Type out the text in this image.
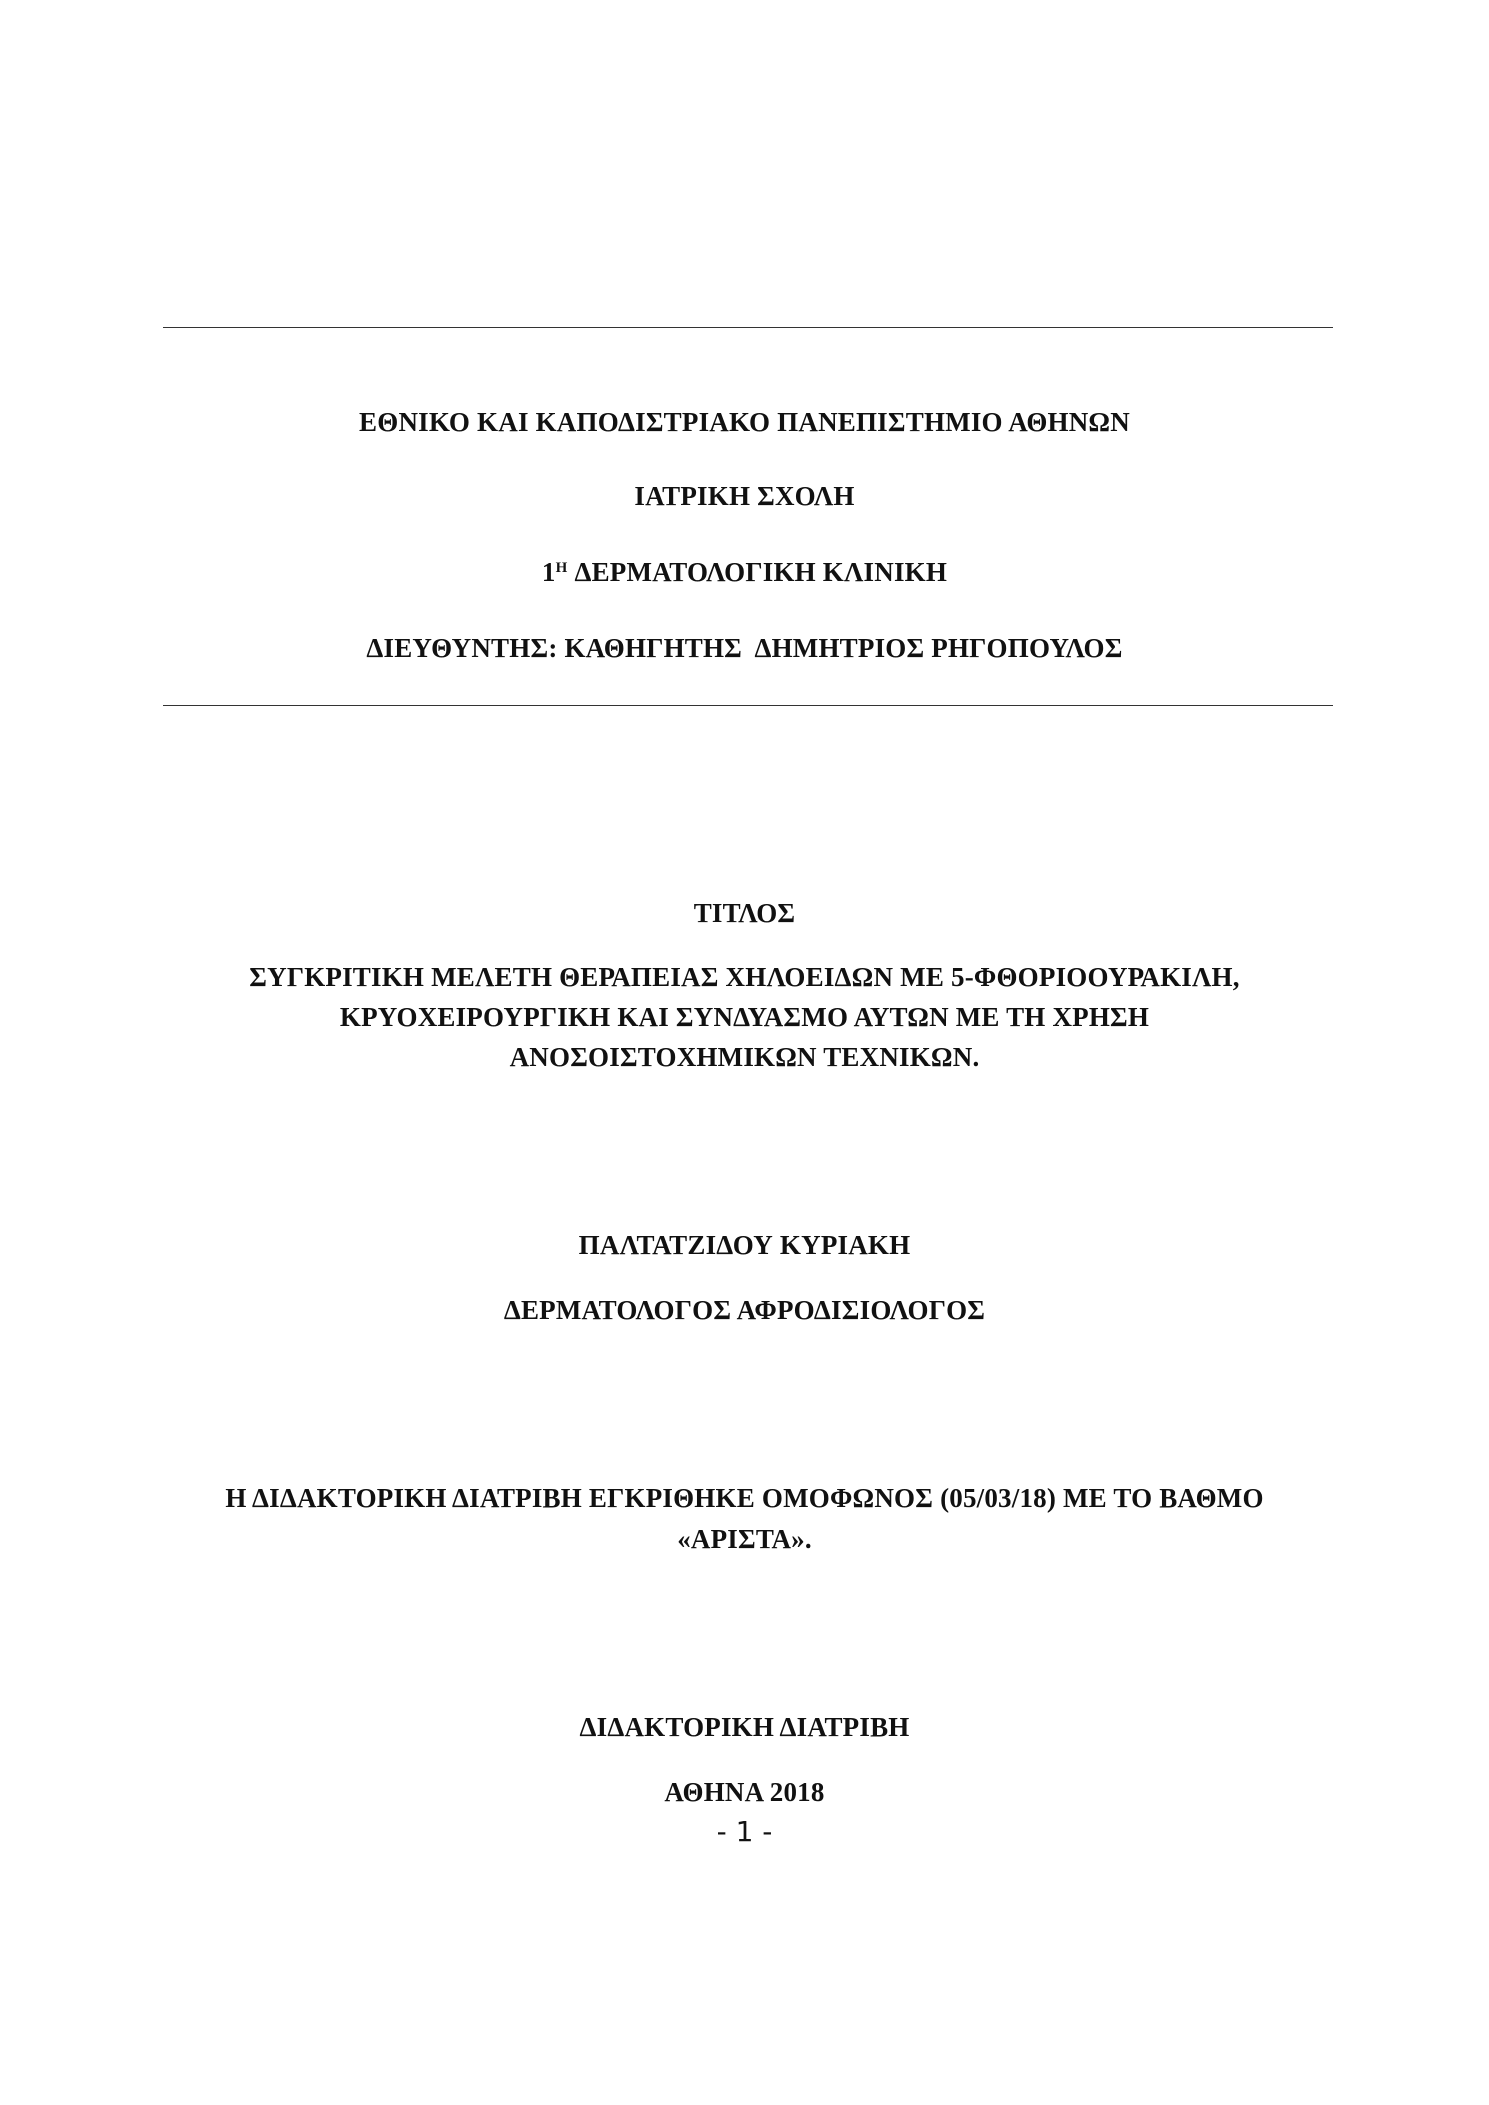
ΕΘΝΙΚΟ ΚΑΙ ΚΑΠΟΔΙΣΤΡΙΑΚΟ ΠΑΝΕΠΙΣΤΗΜΙΟ ΑΘΗΝΩΝ
ΙΑΤΡΙΚΗ ΣΧΟΛΗ
$1^H$ ΔΕΡΜΑΤΟΛΟΓΙΚΗ ΚΛΙΝΙΚΗ
ΔΙΕΥΘΥΝΤΗΣ: ΚΑΘΗΓΗΤΗΣ  ΔΗΜΗΤΡΙΟΣ ΡΗΓΟΠΟΥΛΟΣ
ΤΙΤΛΟΣ
ΣΥΓΚΡΙΤΙΚΗ ΜΕΛΕΤΗ ΘΕΡΑΠΕΙΑΣ ΧΗΛΟΕΙΔΩΝ ΜΕ 5-ΦΘΟΡΙΟΟΥΡΑΚΙΛΗ,
ΚΡΥΟΧΕΙΡΟΥΡΓΙΚΗ ΚΑΙ ΣΥΝΔΥΑΣΜΟ ΑΥΤΩΝ ΜΕ ΤΗ ΧΡΗΣΗ
ΑΝΟΣΟΙΣΤΟΧΗΜΙΚΩΝ ΤΕΧΝΙΚΩΝ.
ΠΑΛΤΑΤΖΙΔΟΥ ΚΥΡΙΑΚΗ
ΔΕΡΜΑΤΟΛΟΓΟΣ ΑΦΡΟΔΙΣΙΟΛΟΓΟΣ
Η ΔΙΔΑΚΤΟΡΙΚΗ ΔΙΑΤΡΙΒΗ ΕΓΚΡΙΘΗΚΕ ΟΜΟΦΩΝΟΣ (05/03/18) ΜΕ ΤΟ ΒΑΘΜΟ
«ΑΡΙΣΤΑ».
ΔΙΔΑΚΤΟΡΙΚΗ ΔΙΑΤΡΙΒΗ
ΑΘΗΝΑ 2018
- 1 -
